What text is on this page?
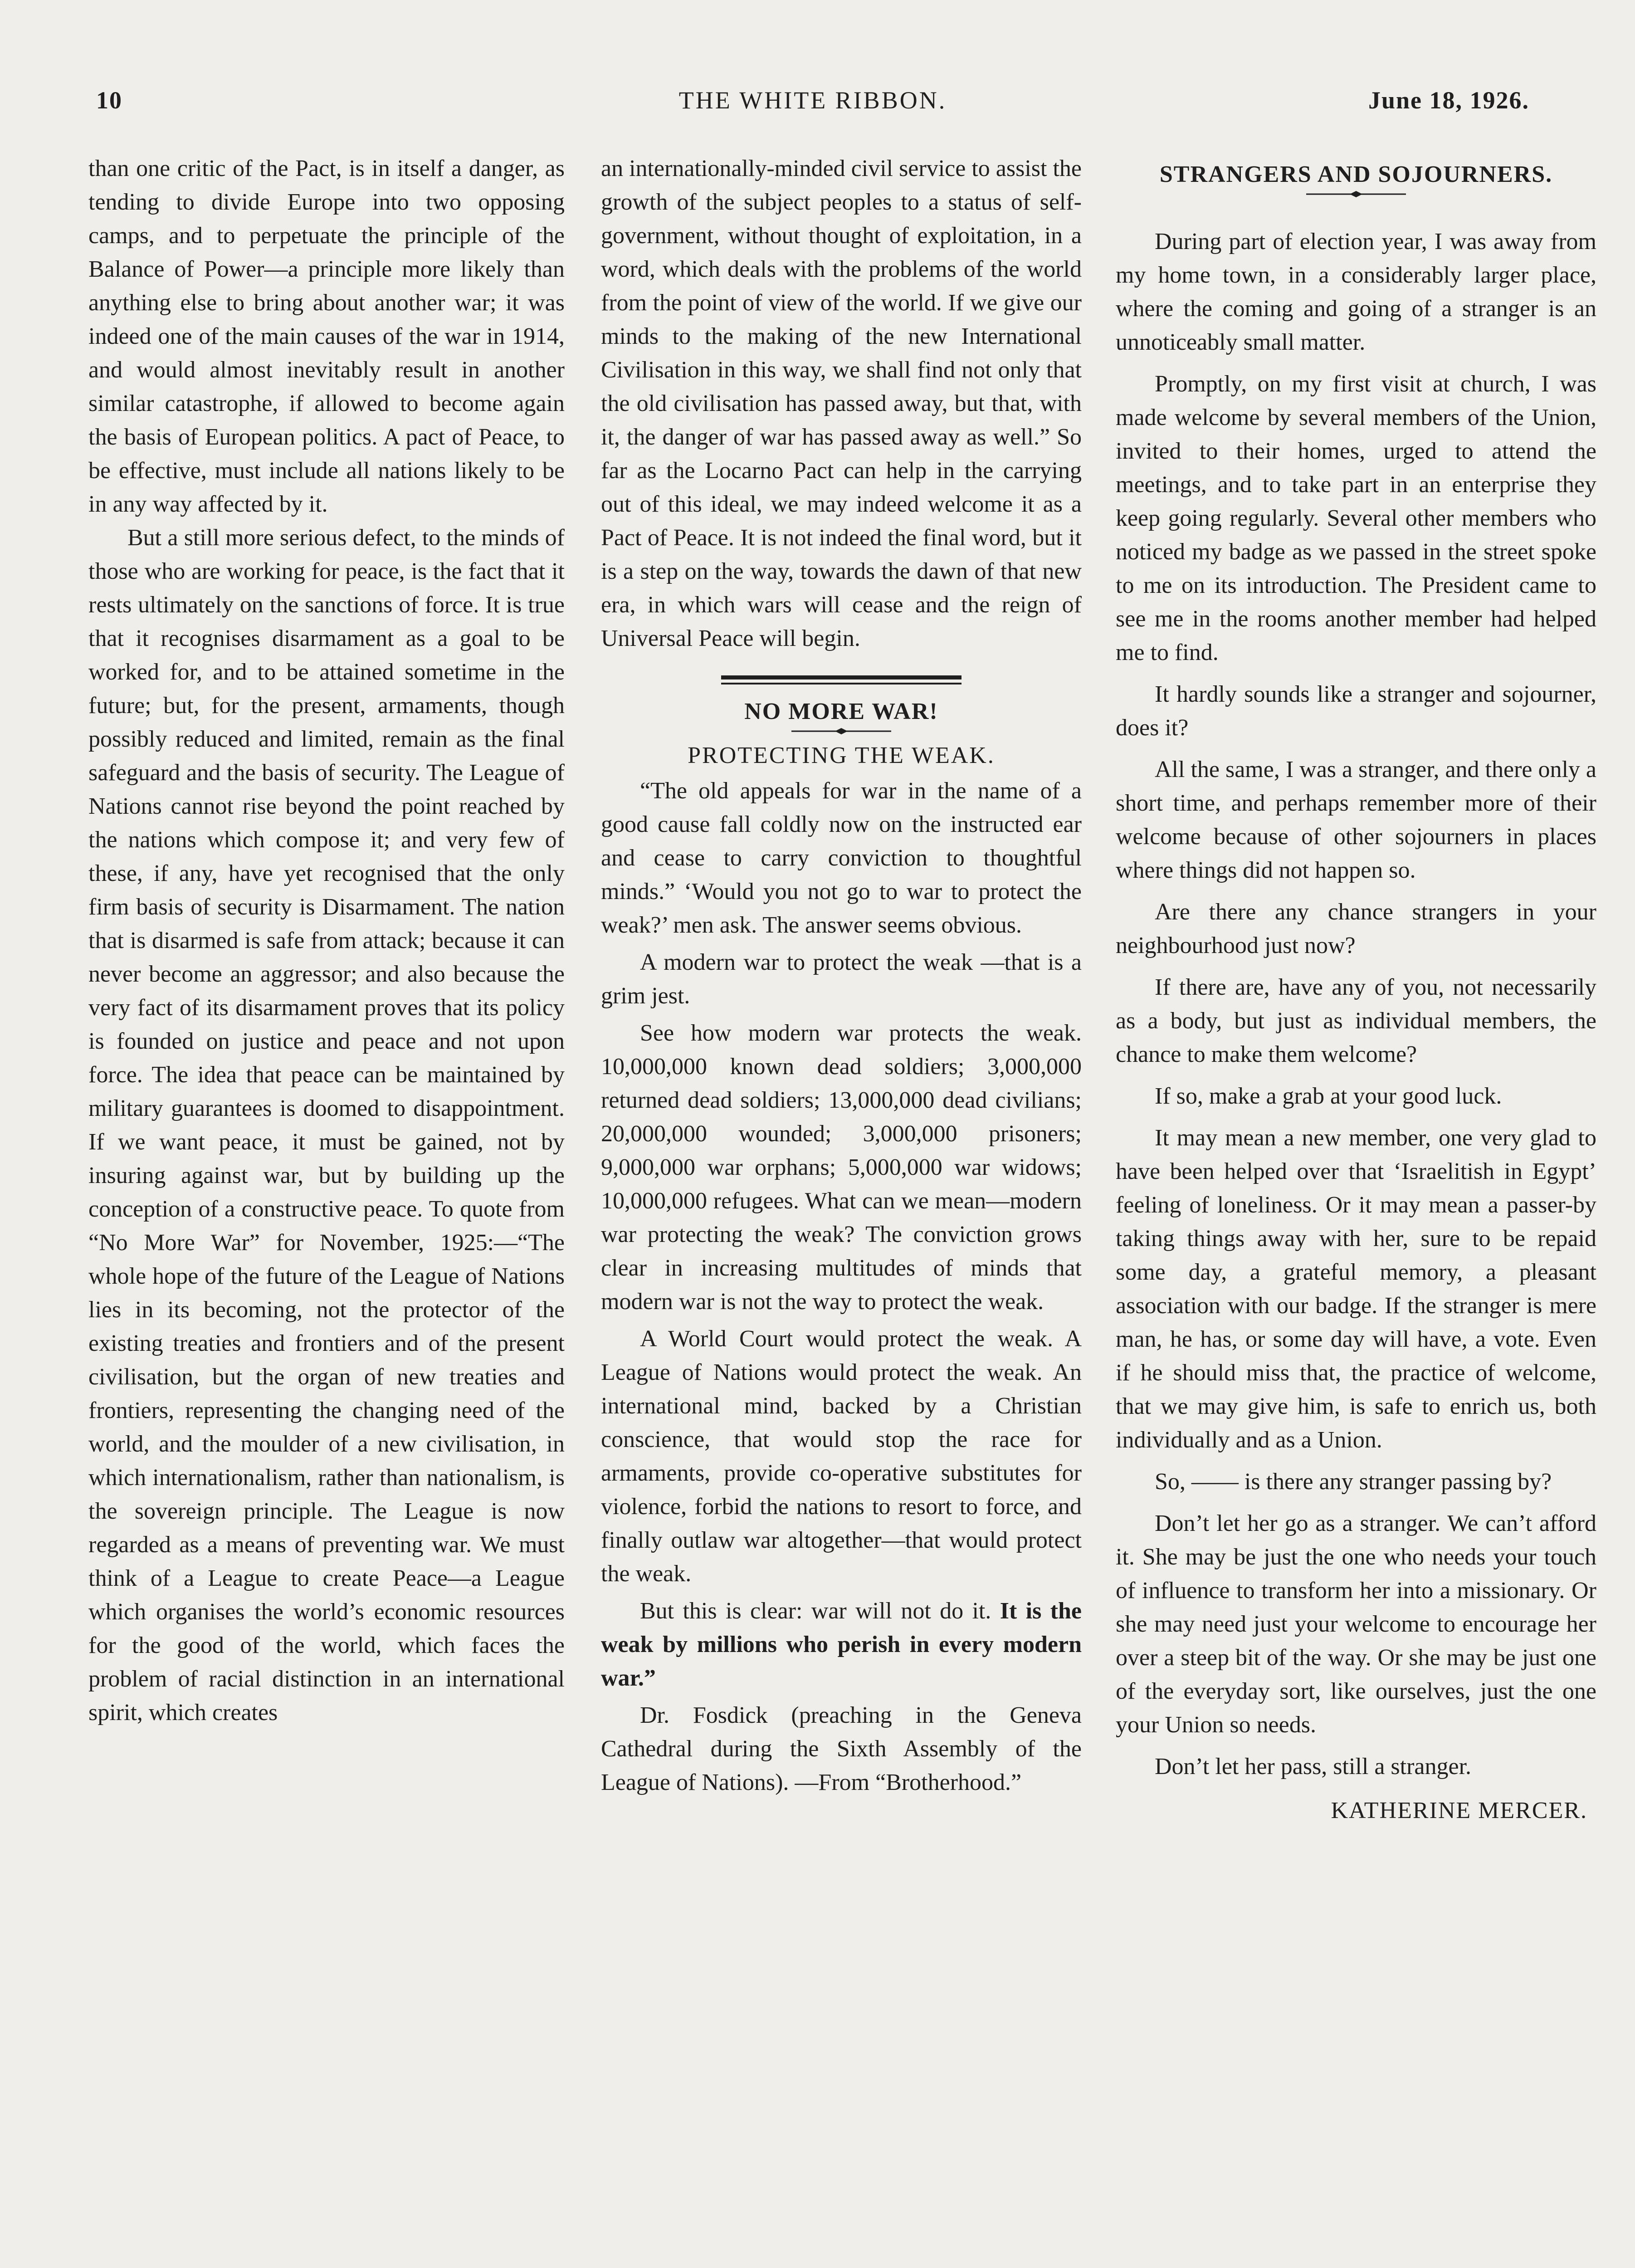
10	THE WHITE RIBBON.	June 18, 1926.

than one critic of the Pact, is in itself a danger, as tending to divide Europe into two opposing camps, and to perpetuate the principle of the Balance of Power—a principle more likely than anything else to bring about another war; it was indeed one of the main causes of the war in 1914, and would almost inevitably result in another similar catastrophe, if allowed to become again the basis of European politics. A pact of Peace, to be effective, must include all nations likely to be in any way affected by it.

But a still more serious defect, to the minds of those who are working for peace, is the fact that it rests ultimately on the sanctions of force. It is true that it recognises disarmament as a goal to be worked for, and to be attained sometime in the future; but, for the present, armaments, though possibly reduced and limited, remain as the final safeguard and the basis of security. The League of Nations cannot rise beyond the point reached by the nations which compose it; and very few of these, if any, have yet recognised that the only firm basis of security is Disarmament. The nation that is disarmed is safe from attack; because it can never become an aggressor; and also because the very fact of its disarmament proves that its policy is founded on justice and peace and not upon force. The idea that peace can be maintained by military guarantees is doomed to disappointment. If we want peace, it must be gained, not by insuring against war, but by building up the conception of a constructive peace. To quote from “No More War” for November, 1925:—“The whole hope of the future of the League of Nations lies in its becoming, not the protector of the existing treaties and frontiers and of the present civilisation, but the organ of new treaties and frontiers, representing the changing need of the world, and the moulder of a new civilisation, in which internationalism, rather than nationalism, is the sovereign principle. The League is now regarded as a means of preventing war. We must think of a League to create Peace—a League which organises the world’s economic resources for the good of the world, which faces the problem of racial distinction in an international spirit, which creates

an internationally-minded civil service to assist the growth of the subject peoples to a status of self-government, without thought of exploitation, in a word, which deals with the problems of the world from the point of view of the world. If we give our minds to the making of the new International Civilisation in this way, we shall find not only that the old civilisation has passed away, but that, with it, the danger of war has passed away as well.” So far as the Locarno Pact can help in the carrying out of this ideal, we may indeed welcome it as a Pact of Peace. It is not indeed the final word, but it is a step on the way, towards the dawn of that new era, in which wars will cease and the reign of Universal Peace will begin.

NO MORE WAR!
PROTECTING THE WEAK.

“The old appeals for war in the name of a good cause fall coldly now on the instructed ear and cease to carry conviction to thoughtful minds.” ‘Would you not go to war to protect the weak?’ men ask. The answer seems obvious.

A modern war to protect the weak —that is a grim jest.

See how modern war protects the weak. 10,000,000 known dead soldiers; 3,000,000 returned dead soldiers; 13,000,000 dead civilians; 20,000,000 wounded; 3,000,000 prisoners; 9,000,000 war orphans; 5,000,000 war widows; 10,000,000 refugees. What can we mean—modern war protecting the weak? The conviction grows clear in increasing multitudes of minds that modern war is not the way to protect the weak.

A World Court would protect the weak. A League of Nations would protect the weak. An international mind, backed by a Christian conscience, that would stop the race for armaments, provide co-operative substitutes for violence, forbid the nations to resort to force, and finally outlaw war altogether—that would protect the weak.

But this is clear: war will not do it. It is the weak by millions who perish in every modern war.”

Dr. Fosdick (preaching in the Geneva Cathedral during the Sixth Assembly of the League of Nations). —From “Brotherhood.”

STRANGERS AND SOJOURNERS.

During part of election year, I was away from my home town, in a considerably larger place, where the coming and going of a stranger is an unnoticeably small matter.

Promptly, on my first visit at church, I was made welcome by several members of the Union, invited to their homes, urged to attend the meetings, and to take part in an enterprise they keep going regularly. Several other members who noticed my badge as we passed in the street spoke to me on its introduction. The President came to see me in the rooms another member had helped me to find.

It hardly sounds like a stranger and sojourner, does it?

All the same, I was a stranger, and there only a short time, and perhaps remember more of their welcome because of other sojourners in places where things did not happen so.

Are there any chance strangers in your neighbourhood just now?

If there are, have any of you, not necessarily as a body, but just as individual members, the chance to make them welcome?

If so, make a grab at your good luck.

It may mean a new member, one very glad to have been helped over that ‘Israelitish in Egypt’ feeling of loneliness. Or it may mean a passer-by taking things away with her, sure to be repaid some day, a grateful memory, a pleasant association with our badge. If the stranger is mere man, he has, or some day will have, a vote. Even if he should miss that, the practice of welcome, that we may give him, is safe to enrich us, both individually and as a Union.

So, —— is there any stranger passing by?

Don’t let her go as a stranger. We can’t afford it. She may be just the one who needs your touch of influence to transform her into a missionary. Or she may need just your welcome to encourage her over a steep bit of the way. Or she may be just one of the everyday sort, like ourselves, just the one your Union so needs.

Don’t let her pass, still a stranger.

KATHERINE MERCER.
